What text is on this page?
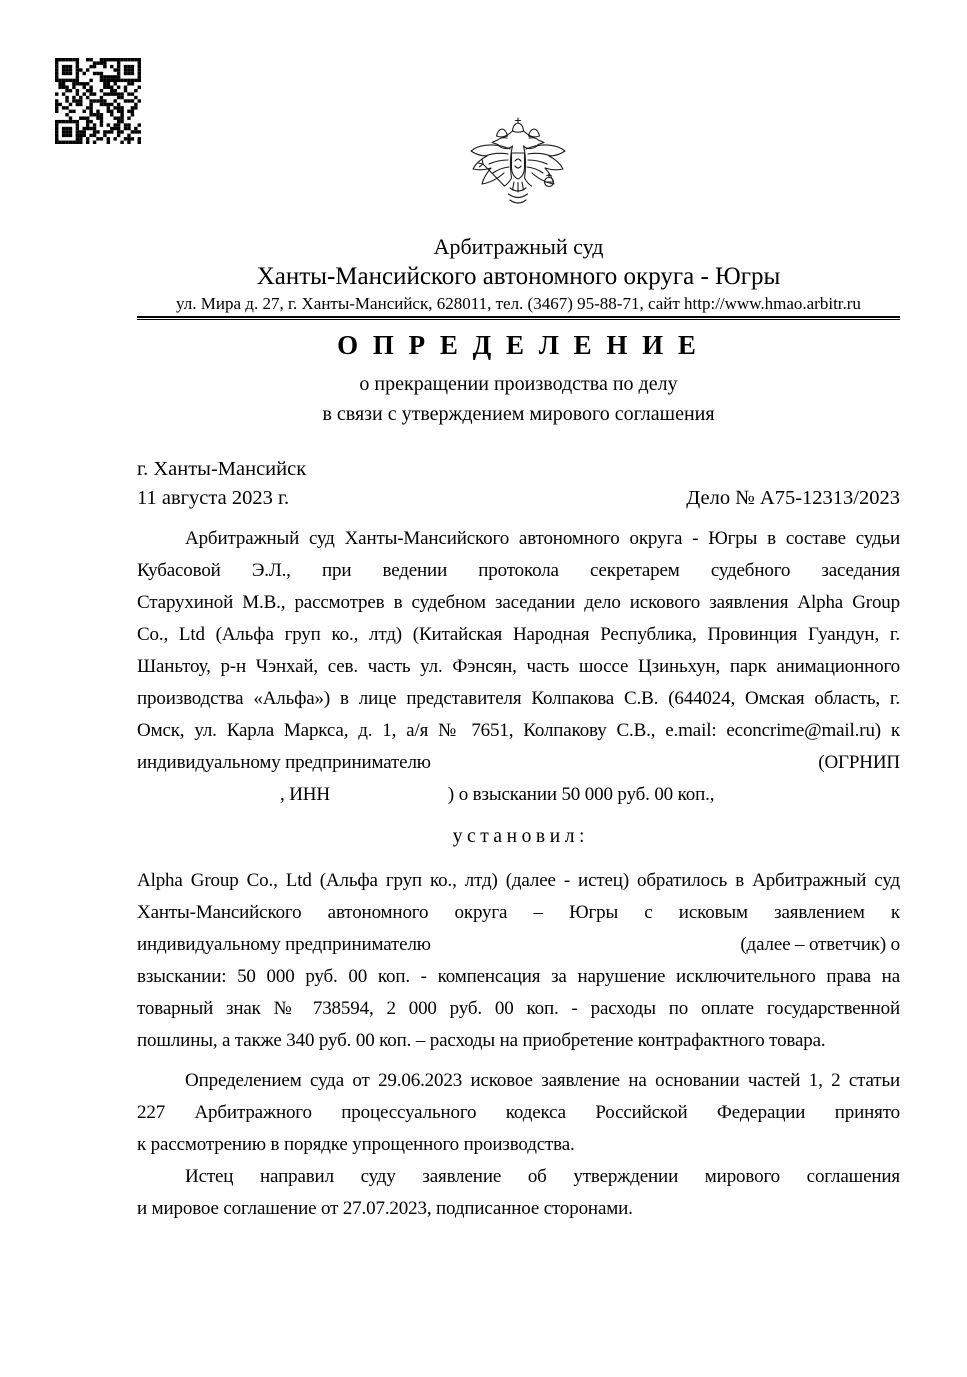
Арбитражный суд
Ханты-Мансийского автономного округа - Югры
ул. Мира д. 27, г. Ханты-Мансийск, 628011, тел. (3467) 95-88-71, сайт http://www.hmao.arbitr.ru
О П Р Е Д Е Л Е Н И Е
о прекращении производства по делу
в связи с утверждением мирового соглашения
г. Ханты-Мансийск
11 августа 2023 г.	Дело № А75-12313/2023
Арбитражный суд Ханты-Мансийского автономного округа - Югры в составе судьи
Кубасовой Э.Л., при ведении протокола секретарем судебного заседания
Старухиной М.В., рассмотрев в судебном заседании дело искового заявления Alpha Group
Co., Ltd (Альфа груп ко., лтд) (Китайская Народная Республика, Провинция Гуандун, г.
Шаньтоу, р-н Чэнхай, сев. часть ул. Фэнсян, часть шоссе Цзиньхун, парк анимационного
производства «Альфа») в лице представителя Колпакова С.В. (644024, Омская область, г.
Омск, ул. Карла Маркса, д. 1, а/я № 7651, Колпакову С.В., e.mail: econcrime@mail.ru) к
индивидуальному предпринимателю	(ОГРНИП
, ИНН	) о взыскании 50 000 руб. 00 коп.,
у с т а н о в и л :
Alpha Group Co., Ltd (Альфа груп ко., лтд) (далее - истец) обратилось в Арбитражный суд
Ханты-Мансийского автономного округа – Югры с исковым заявлением к
индивидуальному предпринимателю	(далее – ответчик) о
взыскании: 50 000 руб. 00 коп. - компенсация за нарушение исключительного права на
товарный знак № 738594, 2 000 руб. 00 коп. - расходы по оплате государственной
пошлины, а также 340 руб. 00 коп. – расходы на приобретение контрафактного товара.
Определением суда от 29.06.2023 исковое заявление на основании частей 1, 2 статьи
227 Арбитражного процессуального кодекса Российской Федерации принято
к рассмотрению в порядке упрощенного производства.
Истец направил суду заявление об утверждении мирового соглашения
и мировое соглашение от 27.07.2023, подписанное сторонами.
